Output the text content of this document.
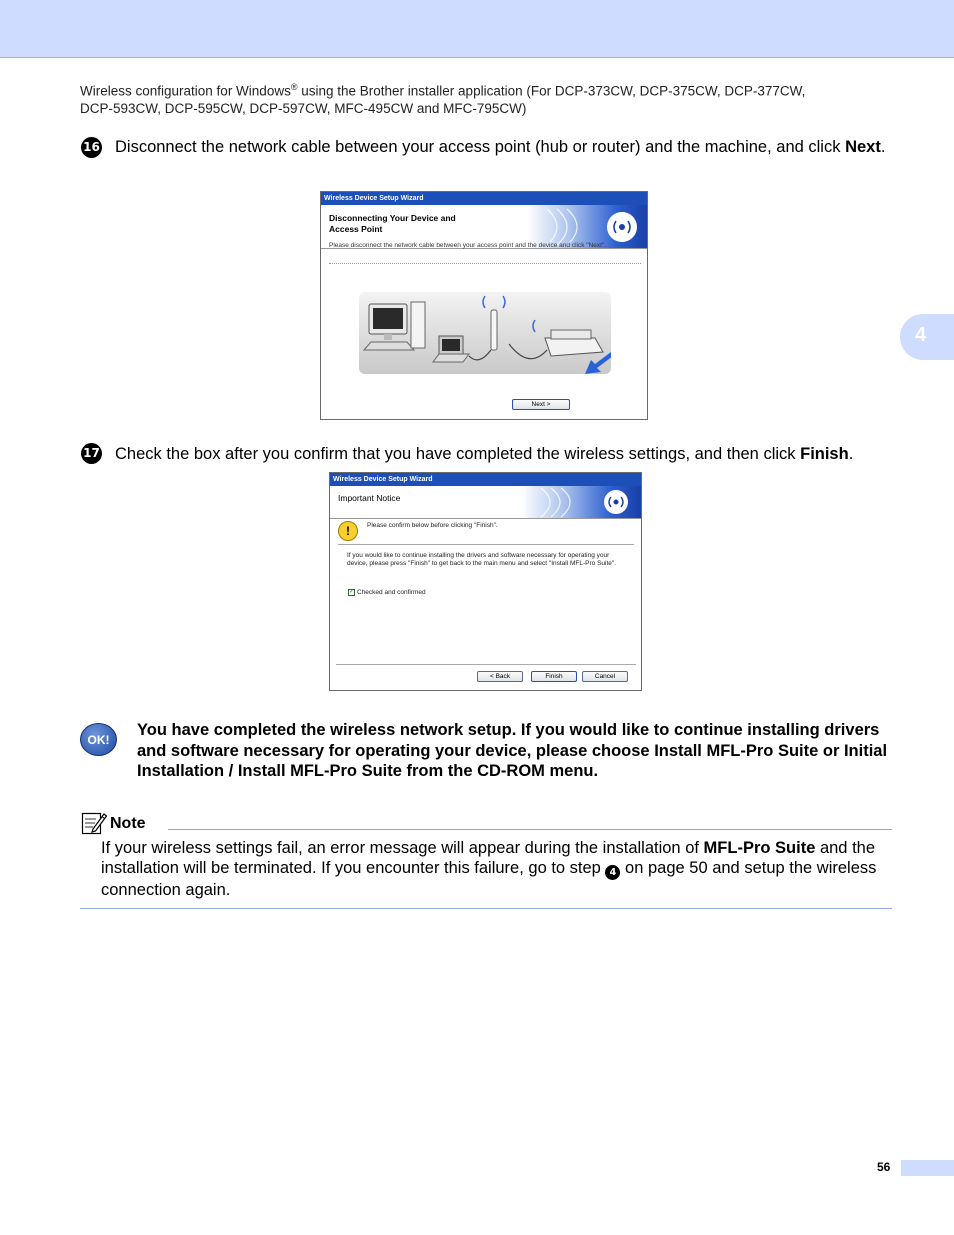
Wireless configuration for Windows® using the Brother installer application (For DCP-373CW, DCP-375CW, DCP-377CW,
DCP-593CW, DCP-595CW, DCP-597CW, MFC-495CW and MFC-795CW)
4
16 Disconnect the network cable between your access point (hub or router) and the machine, and click Next.
Wireless Device Setup Wizard
Disconnecting Your Device and
Access Point
Please disconnect the network cable between your access point and the device and click "Next".
Next >
17 Check the box after you confirm that you have completed the wireless settings, and then click Finish.
Wireless Device Setup Wizard
Important Notice
!	Please confirm below before clicking "Finish".
If you would like to continue installing the drivers and software necessary for operating your device, please press "Finish" to get back to the main menu and select "Install MFL-Pro Suite".
✓ Checked and confirmed
< Back	Finish	Cancel
OK!
You have completed the wireless network setup. If you would like to continue installing drivers and software necessary for operating your device, please choose Install MFL-Pro Suite or Initial Installation / Install MFL-Pro Suite from the CD-ROM menu.
Note
If your wireless settings fail, an error message will appear during the installation of MFL-Pro Suite and the installation will be terminated. If you encounter this failure, go to step 4 on page 50 and setup the wireless connection again.
56
